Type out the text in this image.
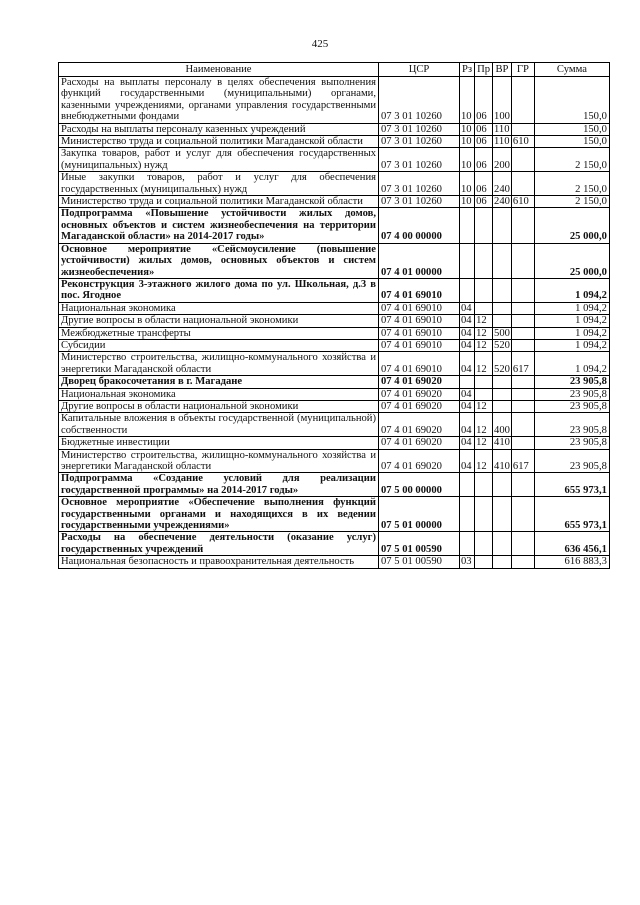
425
Наименование	ЦСР	Рз	Пр	ВР	ГР	Сумма
Расходы на выплаты персоналу в целях обеспечения выполнения функций государственными (муниципальными) органами, казенными учреждениями, органами управления государственными внебюджетными фондами	07 3 01 10260	10	06	100		150,0
Расходы на выплаты персоналу казенных учреждений	07 3 01 10260	10	06	110		150,0
Министерство труда и социальной политики Магаданской области	07 3 01 10260	10	06	110	610	150,0
Закупка товаров, работ и услуг для обеспечения государственных (муниципальных) нужд	07 3 01 10260	10	06	200		2 150,0
Иные закупки товаров, работ и услуг для обеспечения государственных (муниципальных) нужд	07 3 01 10260	10	06	240		2 150,0
Министерство труда и социальной политики Магаданской области	07 3 01 10260	10	06	240	610	2 150,0
Подпрограмма «Повышение устойчивости жилых домов, основных объектов и систем жизнеобеспечения на территории Магаданской области» на 2014-2017 годы»	07 4 00 00000					25 000,0
Основное мероприятие «Сейсмоусиление (повышение устойчивости) жилых домов, основных объектов и систем жизнеобеспечения»	07 4 01 00000					25 000,0
Реконструкция 3-этажного жилого дома по ул. Школьная, д.3 в пос. Ягодное	07 4 01 69010					1 094,2
Национальная экономика	07 4 01 69010	04				1 094,2
Другие вопросы в области национальной экономики	07 4 01 69010	04	12			1 094,2
Межбюджетные трансферты	07 4 01 69010	04	12	500		1 094,2
Субсидии	07 4 01 69010	04	12	520		1 094,2
Министерство строительства, жилищно-коммунального хозяйства и энергетики Магаданской области	07 4 01 69010	04	12	520	617	1 094,2
Дворец бракосочетания в г. Магадане	07 4 01 69020					23 905,8
Национальная экономика	07 4 01 69020	04				23 905,8
Другие вопросы в области национальной экономики	07 4 01 69020	04	12			23 905,8
Капитальные вложения в объекты государственной (муниципальной) собственности	07 4 01 69020	04	12	400		23 905,8
Бюджетные инвестиции	07 4 01 69020	04	12	410		23 905,8
Министерство строительства, жилищно-коммунального хозяйства и энергетики Магаданской области	07 4 01 69020	04	12	410	617	23 905,8
Подпрограмма «Создание условий для реализации государственной программы» на 2014-2017 годы»	07 5 00 00000					655 973,1
Основное мероприятие «Обеспечение выполнения функций государственными органами и находящихся в их ведении государственными учреждениями»	07 5 01 00000					655 973,1
Расходы на обеспечение деятельности (оказание услуг) государственных учреждений	07 5 01 00590					636 456,1
Национальная безопасность и правоохранительная деятельность	07 5 01 00590	03				616 883,3
